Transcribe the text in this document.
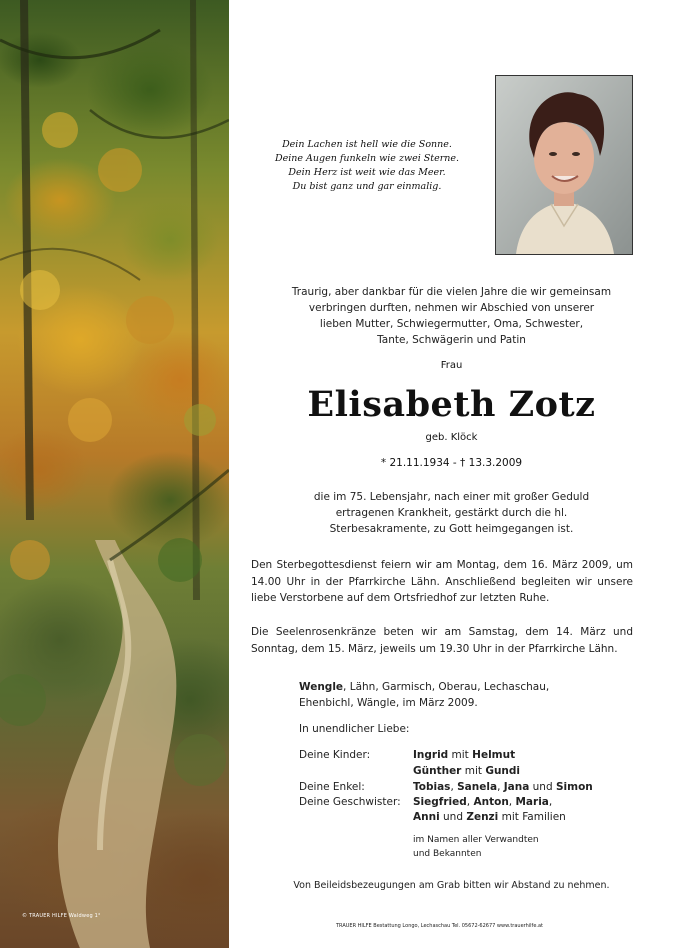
© TRAUER HILFE Waldweg 1°
Dein Lachen ist hell wie die Sonne.
Deine Augen funkeln wie zwei Sterne.
Dein Herz ist weit wie das Meer.
Du bist ganz und gar einmalig.
Traurig, aber dankbar für die vielen Jahre die wir gemeinsam
verbringen durften, nehmen wir Abschied von unserer
lieben Mutter, Schwiegermutter, Oma, Schwester,
Tante, Schwägerin und Patin
Frau
Elisabeth Zotz
geb. Klöck
* 21.11.1934 - † 13.3.2009
die im 75. Lebensjahr, nach einer mit großer Geduld
ertragenen Krankheit, gestärkt durch die hl.
Sterbesakramente, zu Gott heimgegangen ist.
Den Sterbegottesdienst feiern wir am Montag, dem 16. März 2009, um 14.00 Uhr in der Pfarrkirche Lähn. Anschließend begleiten wir unsere liebe Verstorbene auf dem Ortsfriedhof zur letzten Ruhe.
Die Seelenrosenkränze beten wir am Samstag, dem 14. März und Sonntag, dem 15. März, jeweils um 19.30 Uhr in der Pfarrkirche Lähn.
Wengle, Lähn, Garmisch, Oberau, Lechaschau,
Ehenbichl, Wängle, im März 2009.
In unendlicher Liebe:
Deine Kinder:	Ingrid mit Helmut
Günther mit Gundi
Deine Enkel:	Tobias, Sanela, Jana und Simon
Deine Geschwister: Siegfried, Anton, Maria,
Anni und Zenzi mit Familien
im Namen aller Verwandten
und Bekannten
Von Beileidsbezeugungen am Grab bitten wir Abstand zu nehmen.
TRAUER HILFE Bestattung Longo, Lechaschau Tel. 05672-62677 www.trauerhilfe.at
